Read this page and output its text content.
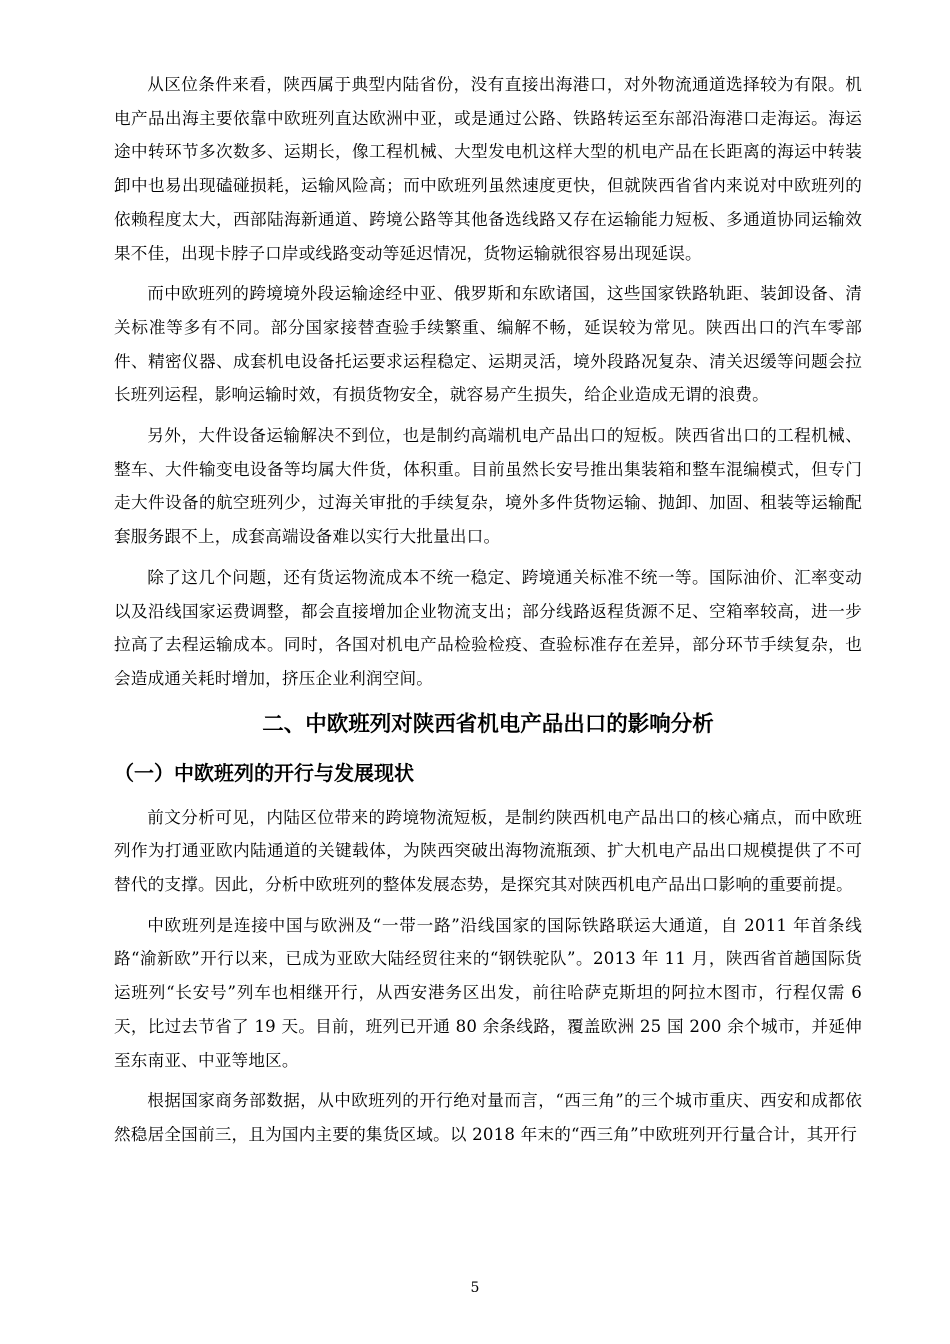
从区位条件来看，陕西属于典型内陆省份，没有直接出海港口，对外物流通道选择较为有限。机电产品出海主要依靠中欧班列直达欧洲中亚，或是通过公路、铁路转运至东部沿海港口走海运。海运途中转环节多次数多、运期长，像工程机械、大型发电机这样大型的机电产品在长距离的海运中转装卸中也易出现磕碰损耗，运输风险高；而中欧班列虽然速度更快，但就陕西省省内来说对中欧班列的依赖程度太大，西部陆海新通道、跨境公路等其他备选线路又存在运输能力短板、多通道协同运输效果不佳，出现卡脖子口岸或线路变动等延迟情况，货物运输就很容易出现延误。

而中欧班列的跨境境外段运输途经中亚、俄罗斯和东欧诸国，这些国家铁路轨距、装卸设备、清关标准等多有不同。部分国家接替查验手续繁重、编解不畅，延误较为常见。陕西出口的汽车零部件、精密仪器、成套机电设备托运要求运程稳定、运期灵活，境外段路况复杂、清关迟缓等问题会拉长班列运程，影响运输时效，有损货物安全，就容易产生损失，给企业造成无谓的浪费。

另外，大件设备运输解决不到位，也是制约高端机电产品出口的短板。陕西省出口的工程机械、整车、大件输变电设备等均属大件货，体积重。目前虽然长安号推出集装箱和整车混编模式，但专门走大件设备的航空班列少，过海关审批的手续复杂，境外多件货物运输、抛卸、加固、租装等运输配套服务跟不上，成套高端设备难以实行大批量出口。

除了这几个问题，还有货运物流成本不统一稳定、跨境通关标准不统一等。国际油价、汇率变动以及沿线国家运费调整，都会直接增加企业物流支出；部分线路返程货源不足、空箱率较高，进一步拉高了去程运输成本。同时，各国对机电产品检验检疫、查验标准存在差异，部分环节手续复杂，也会造成通关耗时增加，挤压企业利润空间。

二、中欧班列对陕西省机电产品出口的影响分析
（一）中欧班列的开行与发展现状

前文分析可见，内陆区位带来的跨境物流短板，是制约陕西机电产品出口的核心痛点，而中欧班列作为打通亚欧内陆通道的关键载体，为陕西突破出海物流瓶颈、扩大机电产品出口规模提供了不可替代的支撑。因此，分析中欧班列的整体发展态势，是探究其对陕西机电产品出口影响的重要前提。

中欧班列是连接中国与欧洲及“一带一路”沿线国家的国际铁路联运大通道，自 2011 年首条线路“渝新欧”开行以来，已成为亚欧大陆经贸往来的“钢铁驼队”。2013 年 11 月，陕西省首趟国际货运班列“长安号”列车也相继开行，从西安港务区出发，前往哈萨克斯坦的阿拉木图市，行程仅需 6 天，比过去节省了 19 天。目前，班列已开通 80 余条线路，覆盖欧洲 25 国 200 余个城市，并延伸至东南亚、中亚等地区。

根据国家商务部数据，从中欧班列的开行绝对量而言，“西三角”的三个城市重庆、西安和成都依然稳居全国前三，且为国内主要的集货区域。以 2018 年末的“西三角”中欧班列开行量合计，其开行

5
